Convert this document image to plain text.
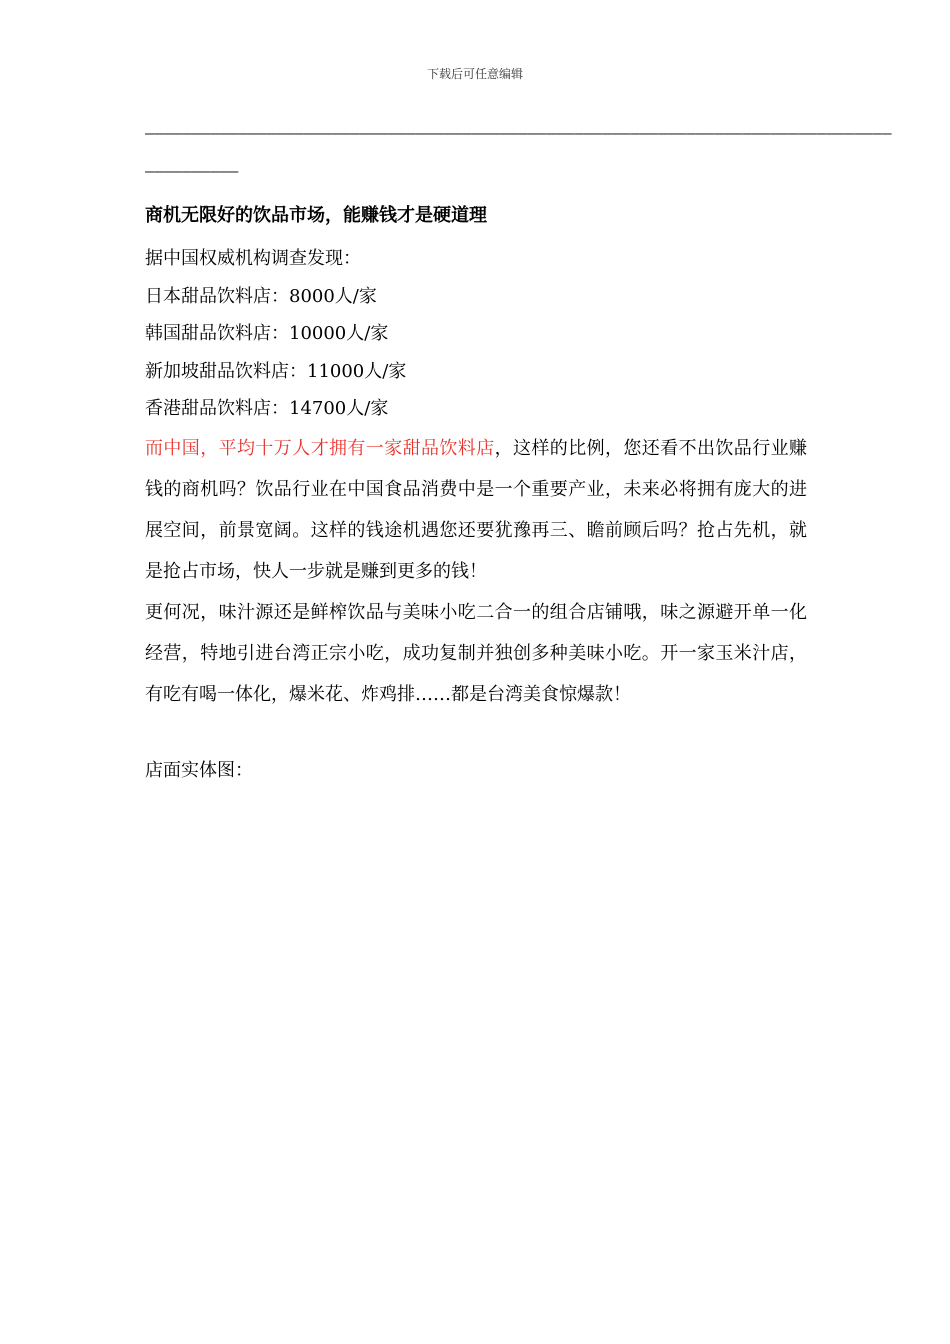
下载后可任意编辑
————————————————————————————————————————————————————————————————————————————————
——————————

商机无限好的饮品市场，能赚钱才是硬道理

据中国权威机构调查发现：

日本甜品饮料店：8000人/家

韩国甜品饮料店：10000人/家

新加坡甜品饮料店：11000人/家

香港甜品饮料店：14700人/家

而中国，平均十万人才拥有一家甜品饮料店，这样的比例，您还看不出饮品行业赚钱的商机吗？饮品行业在中国食品消费中是一个重要产业，未来必将拥有庞大的进展空间，前景宽阔。这样的钱途机遇您还要犹豫再三、瞻前顾后吗？抢占先机，就是抢占市场，快人一步就是赚到更多的钱！

更何况，味汁源还是鲜榨饮品与美味小吃二合一的组合店铺哦，味之源避开单一化经营，特地引进台湾正宗小吃，成功复制并独创多种美味小吃。开一家玉米汁店，有吃有喝一体化，爆米花、炸鸡排……都是台湾美食惊爆款！

店面实体图：
